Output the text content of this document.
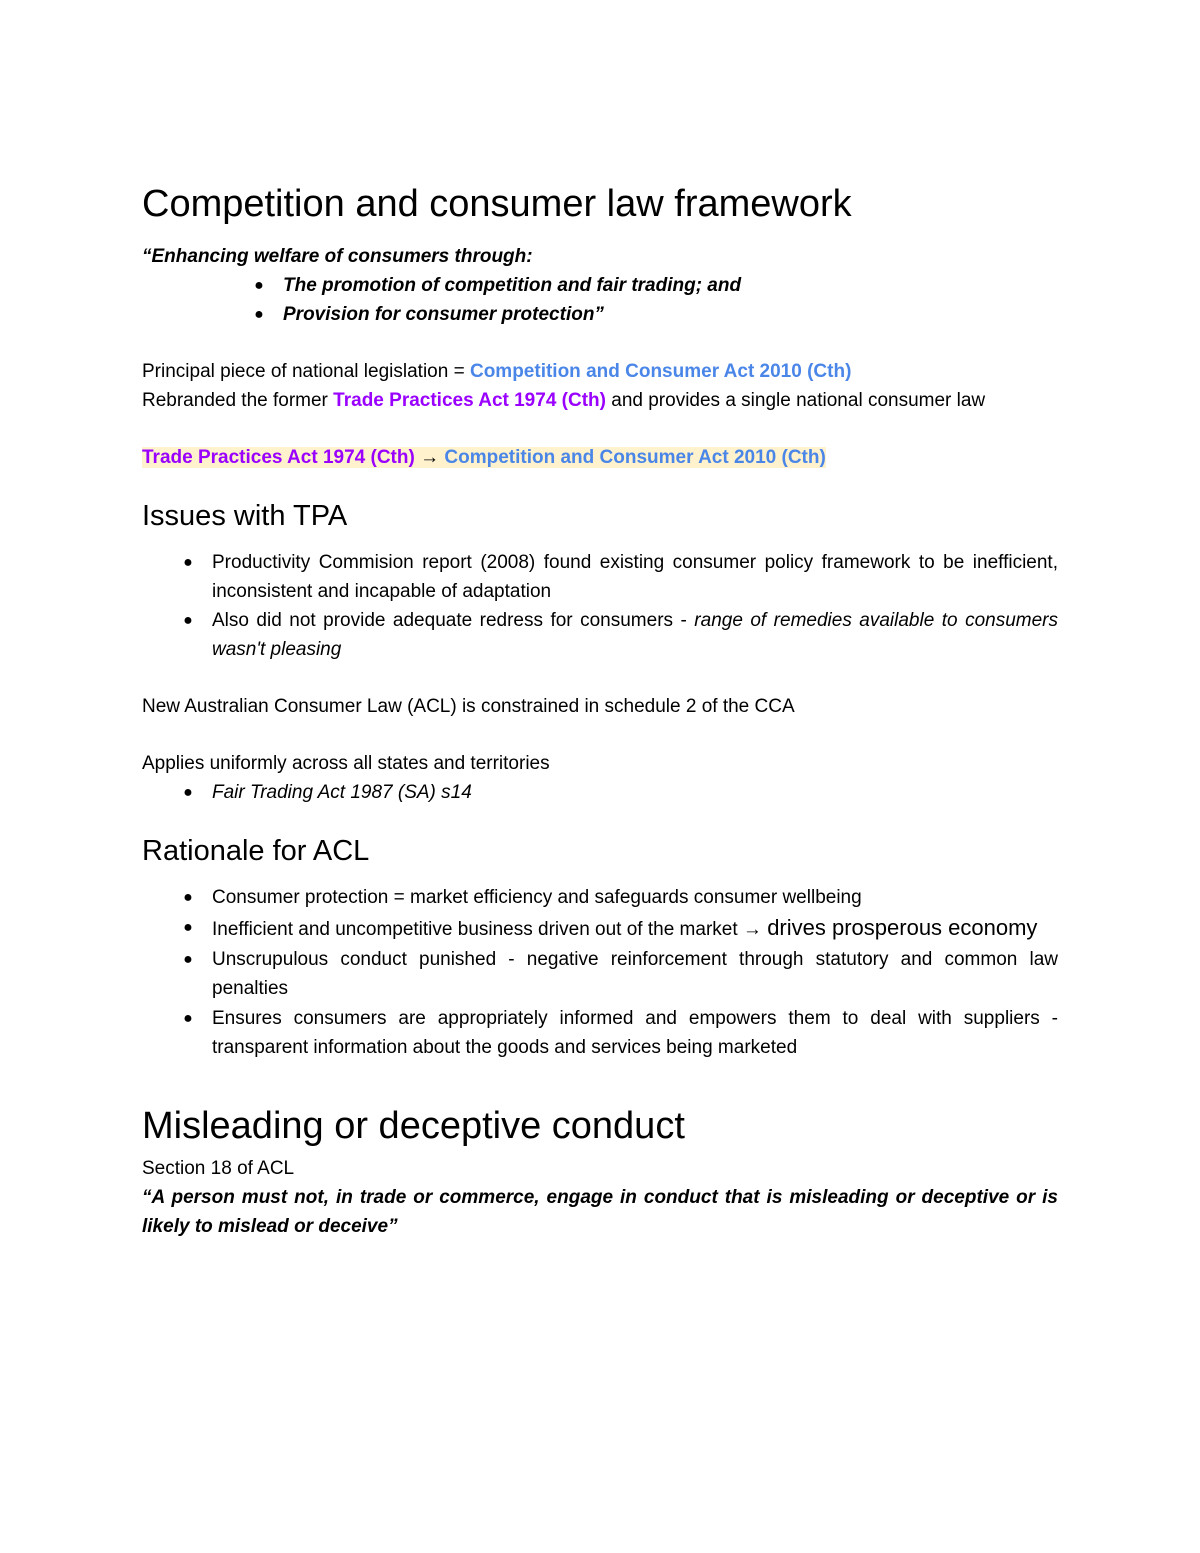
Competition and consumer law framework

“Enhancing welfare of consumers through:

● The promotion of competition and fair trading; and
● Provision for consumer protection”

Principal piece of national legislation = Competition and Consumer Act 2010 (Cth)

Rebranded the former Trade Practices Act 1974 (Cth) and provides a single national consumer law

Trade Practices Act 1974 (Cth) → Competition and Consumer Act 2010 (Cth)

Issues with TPA
● Productivity Commision report (2008) found existing consumer policy framework to be inefficient, inconsistent and incapable of adaptation
● Also did not provide adequate redress for consumers - range of remedies available to consumers wasn't pleasing

New Australian Consumer Law (ACL) is constrained in schedule 2 of the CCA

Applies uniformly across all states and territories

● Fair Trading Act 1987 (SA) s14
Rationale for ACL
● Consumer protection = market efficiency and safeguards consumer wellbeing
● Inefficient and uncompetitive business driven out of the market → drives prosperous economy
● Unscrupulous conduct punished - negative reinforcement through statutory and common law penalties
● Ensures consumers are appropriately informed and empowers them to deal with suppliers - transparent information about the goods and services being marketed
Misleading or deceptive conduct

Section 18 of ACL

“A person must not, in trade or commerce, engage in conduct that is misleading or deceptive or is likely to mislead or deceive”
